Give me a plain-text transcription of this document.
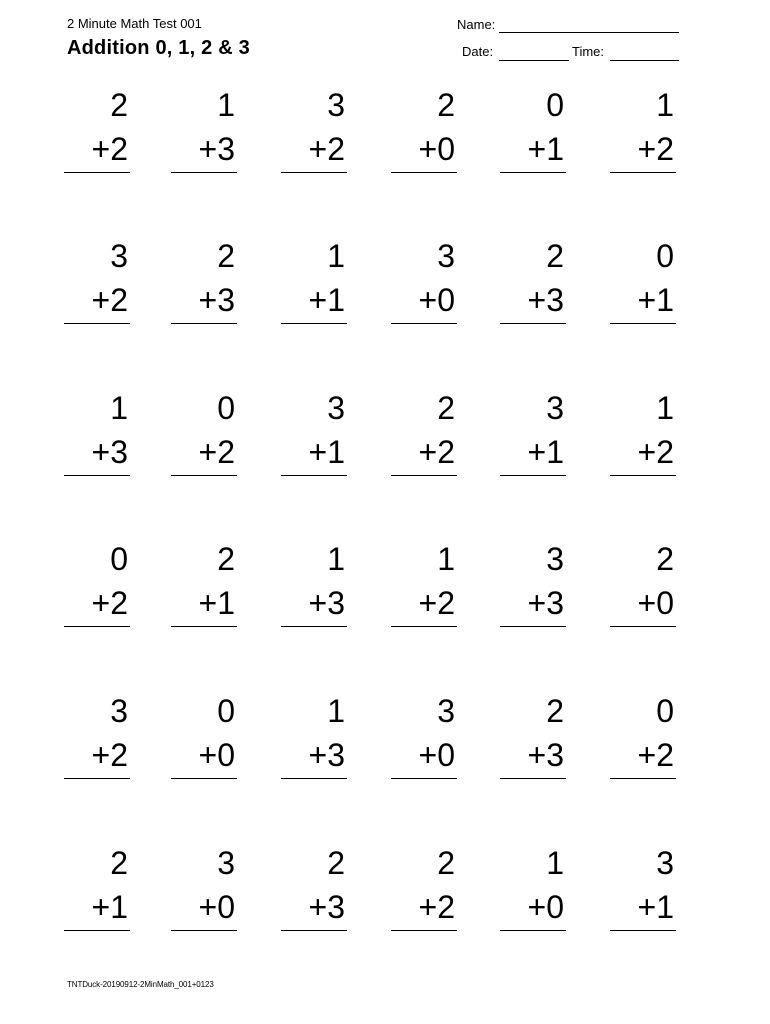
2 Minute Math Test 001
Addition 0, 1, 2 & 3
Name:
Date:	Time:
2
+2
1
+3
3
+2
2
+0
0
+1
1
+2
3
+2
2
+3
1
+1
3
+0
2
+3
0
+1
1
+3
0
+2
3
+1
2
+2
3
+1
1
+2
0
+2
2
+1
1
+3
1
+2
3
+3
2
+0
3
+2
0
+0
1
+3
3
+0
2
+3
0
+2
2
+1
3
+0
2
+3
2
+2
1
+0
3
+1
TNTDuck-20190912-2MinMath_001+0123
